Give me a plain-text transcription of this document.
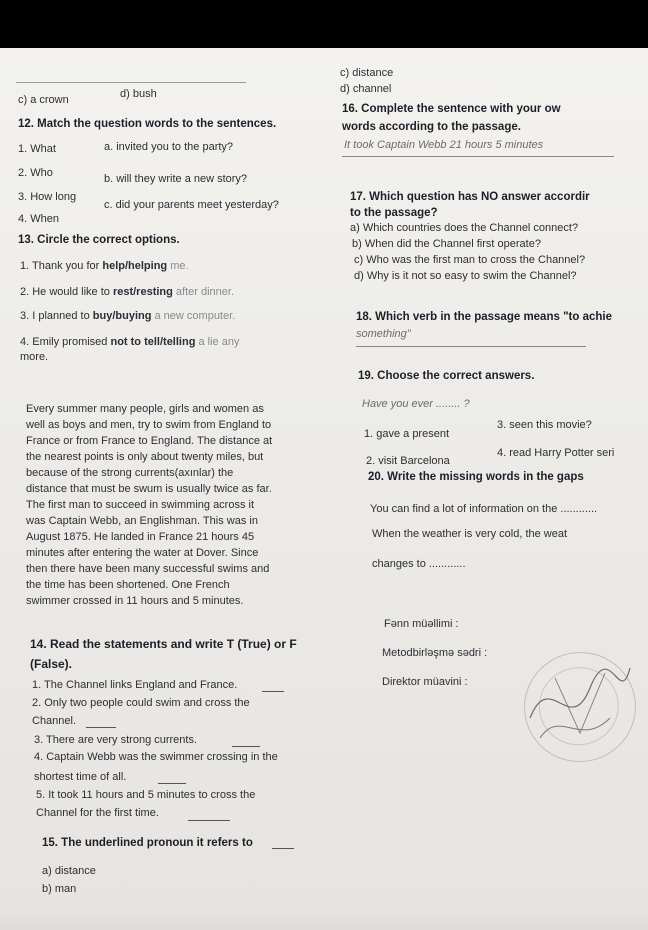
c) a crown	d) bush
12. Match the question words to the sentences.
1. What
2. Who
3. How long
4. When
a. invited you to the party?
b. will they write a new story?
c. did your parents meet yesterday?
13. Circle the correct options.
1. Thank you for help/helping me.
2. He would like to rest/resting after dinner.
3. I planned to buy/buying a new computer.
4. Emily promised not to tell/telling a lie any
more.
Every summer many people, girls and women as
well as boys and men, try to swim from England to
France or from France to England. The distance at
the nearest points is only about twenty miles, but
because of the strong currents(axınlar) the
distance that must be swum is usually twice as far.
The first man to succeed in swimming across it
was Captain Webb, an Englishman. This was in
August 1875. He landed in France 21 hours 45
minutes after entering the water at Dover. Since
then there have been many successful swims and
the time has been shortened. One French
swimmer crossed in 11 hours and 5 minutes.
14. Read the statements and write T (True) or F
(False).
1. The Channel links England and France.
2. Only two people could swim and cross the
Channel.
3. There are very strong currents.
4. Captain Webb was the swimmer crossing in the
shortest time of all.
5. It took 11 hours and 5 minutes to cross the
Channel for the first time.
15. The underlined pronoun it refers to
a) distance
b) man
c) distance
d) channel
16. Complete the sentence with your ow
words according to the passage.
It took Captain Webb 21 hours 5 minutes
17. Which question has NO answer accordir
to the passage?
a) Which countries does the Channel connect?
b) When did the Channel first operate?
c) Who was the first man to cross the Channel?
d) Why is it not so easy to swim the Channel?
18. Which verb in the passage means "to achie
something"
19. Choose the correct answers.
Have you ever ........ ?
1. gave a present
2. visit Barcelona
3. seen this movie?
4. read Harry Potter seri
20. Write the missing words in the gaps
You can find a lot of information on the ............
When the weather is very cold, the weat
changes to ............
Fənn müəllimi :
Metodbirləşmə sədri :
Direktor müavini :
